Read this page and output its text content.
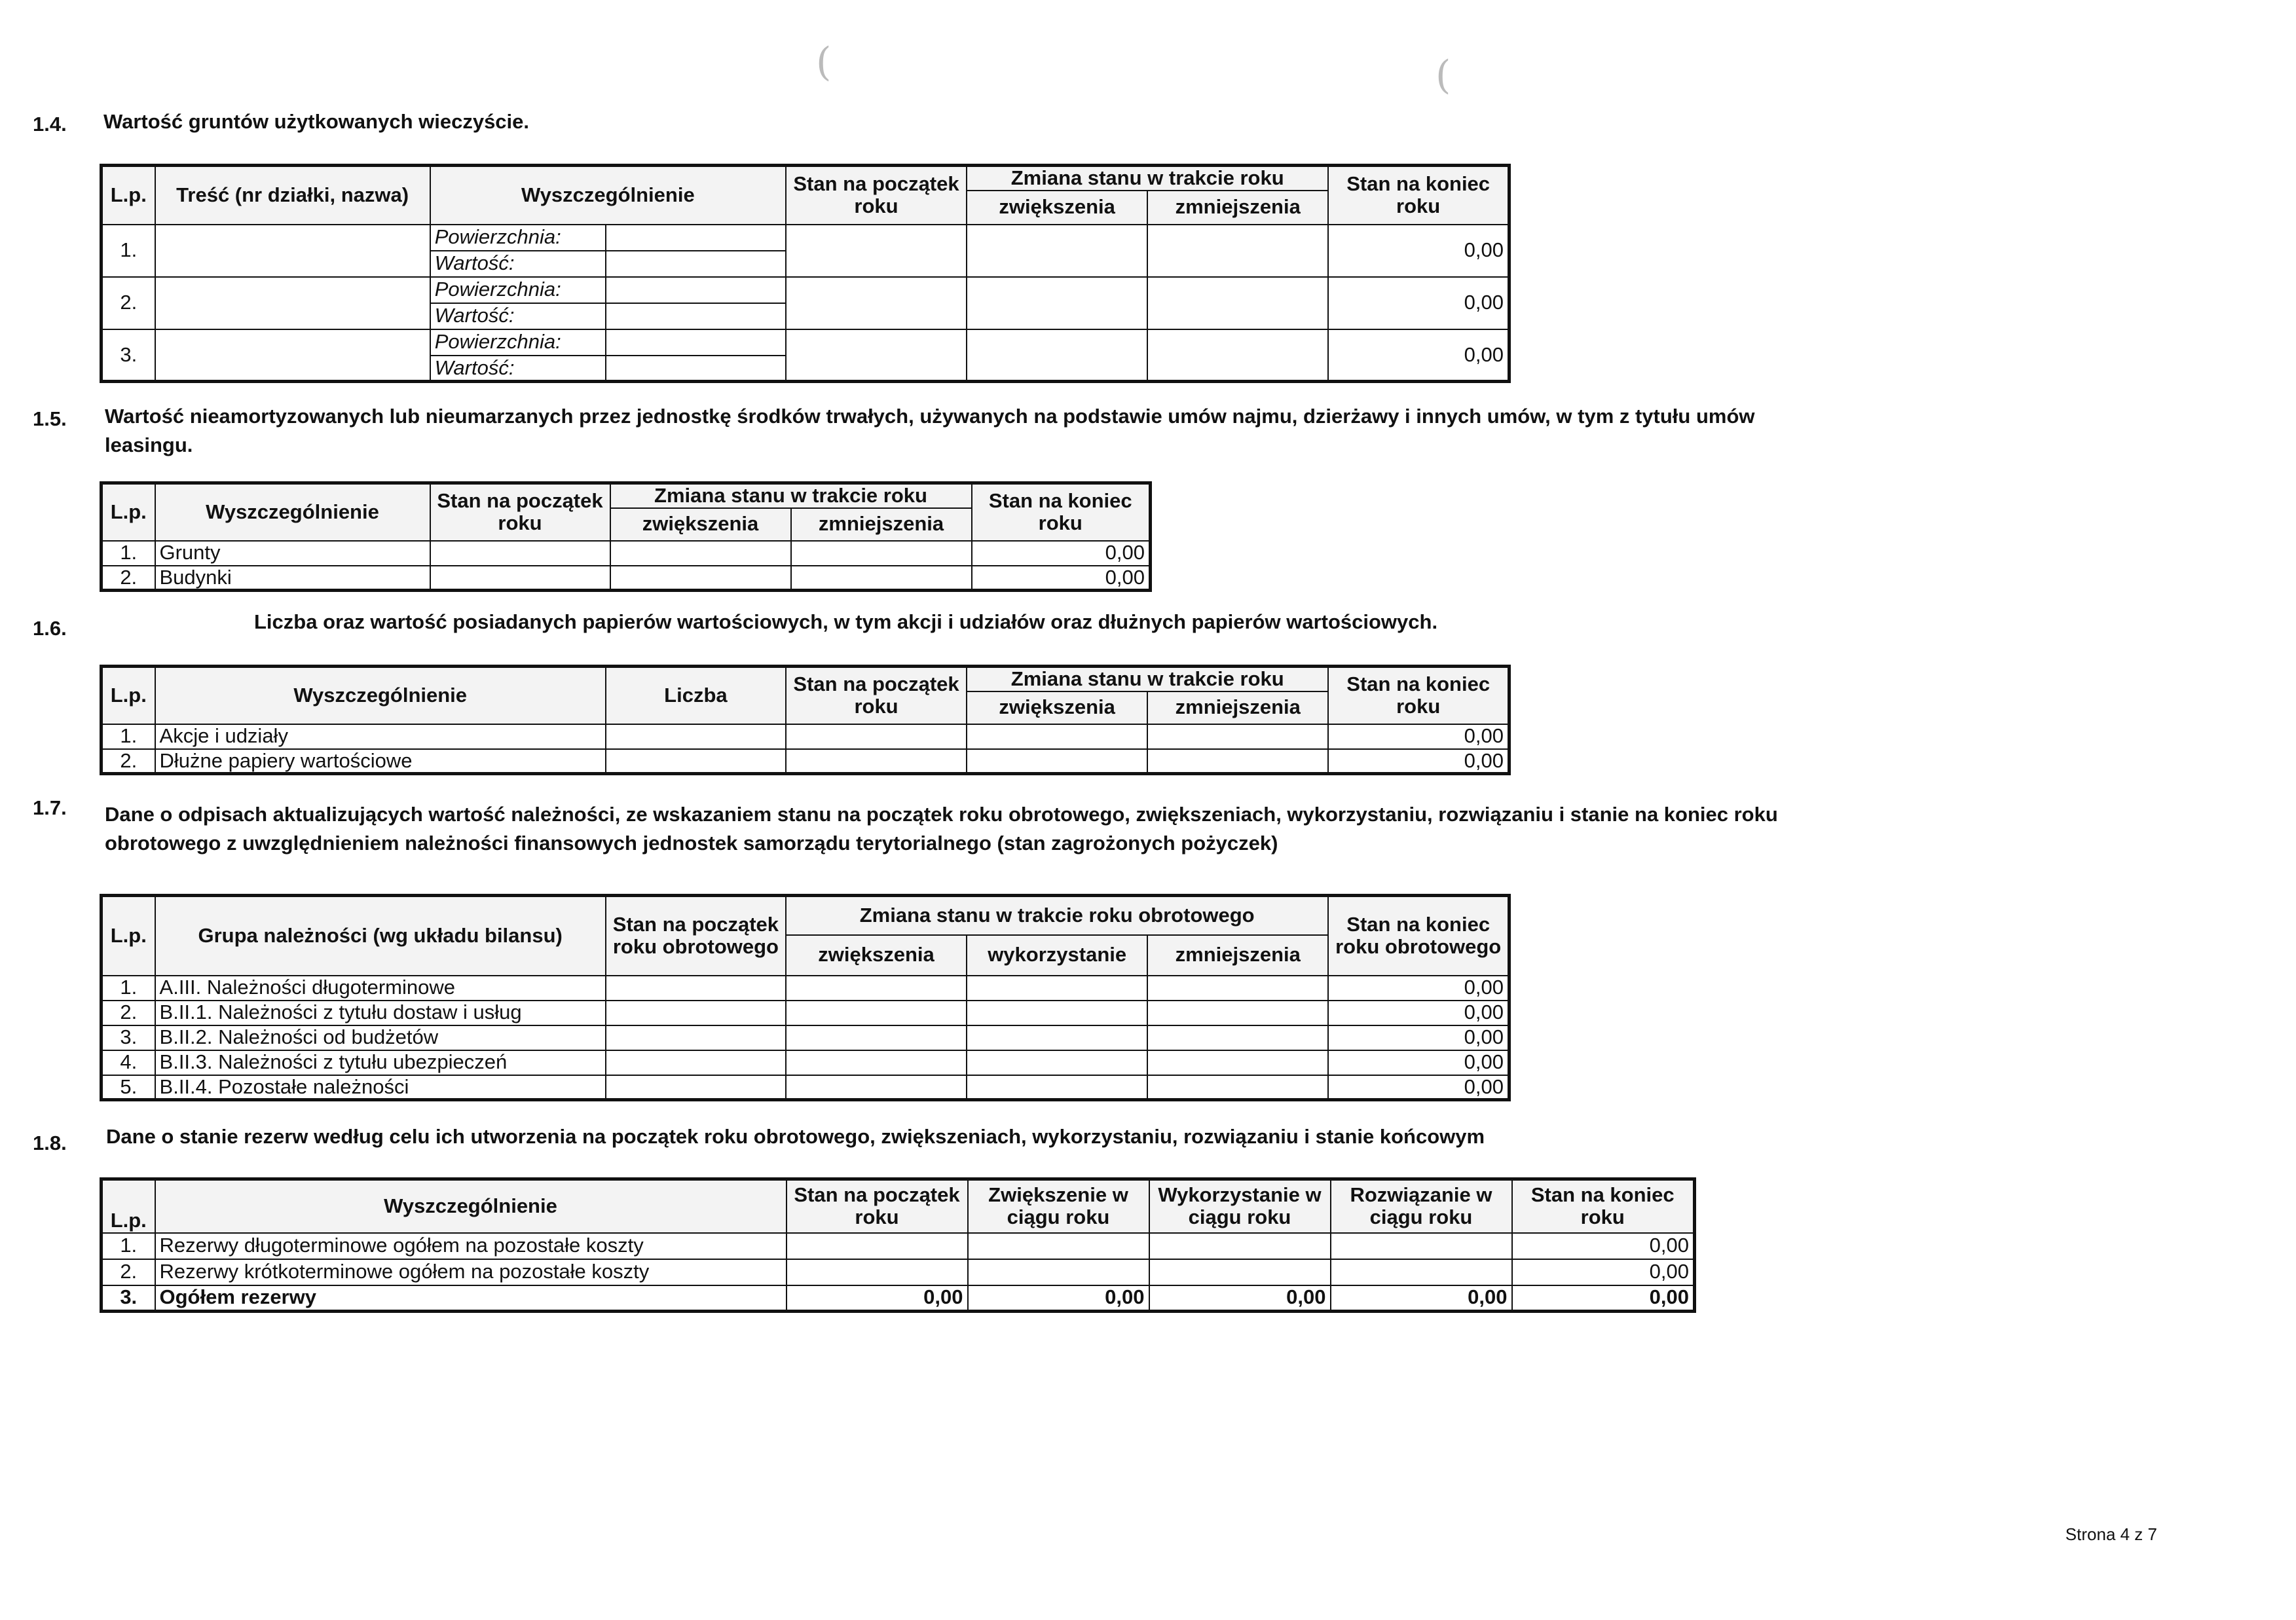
(	(
1.4. Wartość gruntów użytkowanych wieczyście.
L.p.	Treść (nr działki, nazwa)	Wyszczególnienie		Stan na początek roku	Zmiana stanu w trakcie roku		Stan na koniec roku
					zwiększenia	zmniejszenia	
1.		Powierzchnia:					0,00
		Wartość:					
2.		Powierzchnia:					0,00
		Wartość:					
3.		Powierzchnia:					0,00
		Wartość:					
1.5. Wartość nieamortyzowanych lub nieumarzanych przez jednostkę środków trwałych, używanych na podstawie umów najmu, dzierżawy i innych umów, w tym z tytułu umów
leasingu.
L.p.	Wyszczególnienie	Stan na początek roku	Zmiana stanu w trakcie roku		Stan na koniec roku
			zwiększenia	zmniejszenia	
1.	Grunty				0,00
2.	Budynki				0,00
1.6.	Liczba oraz wartość posiadanych papierów wartościowych, w tym akcji i udziałów oraz dłużnych papierów wartościowych.
L.p.	Wyszczególnienie	Liczba	Stan na początek roku	Zmiana stanu w trakcie roku		Stan na koniec roku
				zwiększenia	zmniejszenia	
1.	Akcje i udziały					0,00
2.	Dłużne papiery wartościowe					0,00
1.7. Dane o odpisach aktualizujących wartość należności, ze wskazaniem stanu na początek roku obrotowego, zwiększeniach, wykorzystaniu, rozwiązaniu i stanie na koniec roku
obrotowego z uwzględnieniem należności finansowych jednostek samorządu terytorialnego (stan zagrożonych pożyczek)
L.p.	Grupa należności (wg układu bilansu)	Stan na początek roku obrotowego	Zmiana stanu w trakcie roku obrotowego			Stan na koniec roku obrotowego
			zwiększenia	wykorzystanie	zmniejszenia	
1.	A.III. Należności długoterminowe					0,00
2.	B.II.1. Należności z tytułu dostaw i usług					0,00
3.	B.II.2. Należności od budżetów					0,00
4.	B.II.3. Należności z tytułu ubezpieczeń					0,00
5.	B.II.4. Pozostałe należności					0,00
1.8. Dane o stanie rezerw według celu ich utworzenia na początek roku obrotowego, zwiększeniach, wykorzystaniu, rozwiązaniu i stanie końcowym
L.p.	Wyszczególnienie	Stan na początek roku	Zwiększenie w ciągu roku	Wykorzystanie w ciągu roku	Rozwiązanie w ciągu roku	Stan na koniec roku
1.	Rezerwy długoterminowe ogółem na pozostałe koszty					0,00
2.	Rezerwy krótkoterminowe ogółem na pozostałe koszty					0,00
3.	Ogółem rezerwy	0,00	0,00	0,00	0,00	0,00
Strona 4 z 7
